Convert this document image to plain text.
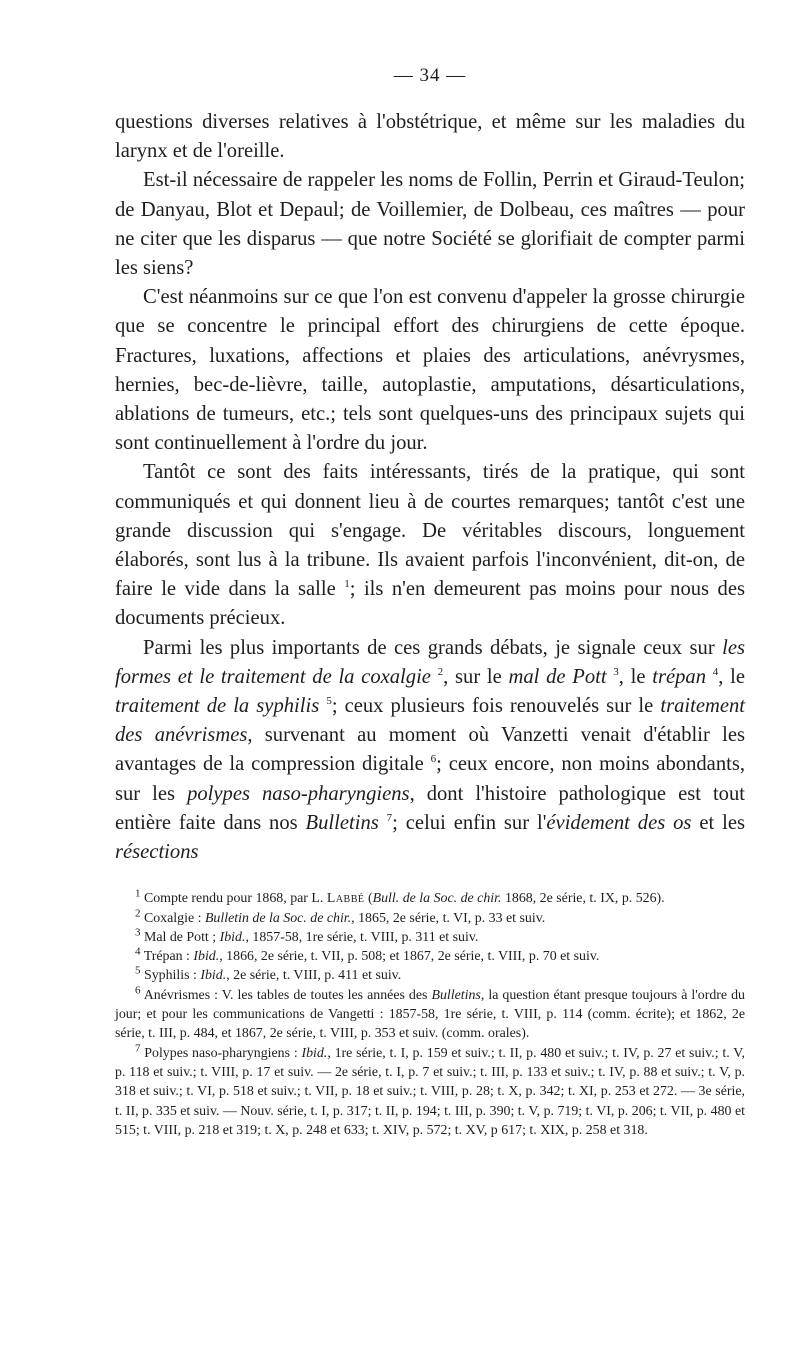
— 34 —

questions diverses relatives à l'obstétrique, et même sur les maladies du larynx et de l'oreille.

Est-il nécessaire de rappeler les noms de Follin, Perrin et Giraud-Teulon; de Danyau, Blot et Depaul; de Voillemier, de Dolbeau, ces maîtres — pour ne citer que les disparus — que notre Société se glorifiait de compter parmi les siens?

C'est néanmoins sur ce que l'on est convenu d'appeler la grosse chirurgie que se concentre le principal effort des chirurgiens de cette époque. Fractures, luxations, affections et plaies des articulations, anévrysmes, hernies, bec-de-lièvre, taille, autoplastie, amputations, désarticulations, ablations de tumeurs, etc.; tels sont quelques-uns des principaux sujets qui sont continuellement à l'ordre du jour.

Tantôt ce sont des faits intéressants, tirés de la pratique, qui sont communiqués et qui donnent lieu à de courtes remarques; tantôt c'est une grande discussion qui s'engage. De véritables discours, longuement élaborés, sont lus à la tribune. Ils avaient parfois l'inconvénient, dit-on, de faire le vide dans la salle $^1$; ils n'en demeurent pas moins pour nous des documents précieux.

Parmi les plus importants de ces grands débats, je signale ceux sur les formes et le traitement de la coxalgie $^2$, sur le mal de Pott $^3$, le trépan $^4$, le traitement de la syphilis $^5$; ceux plusieurs fois renouvelés sur le traitement des anévrismes, survenant au moment où Vanzetti venait d'établir les avantages de la compression digitale $^6$; ceux encore, non moins abondants, sur les polypes naso-pharyngiens, dont l'histoire pathologique est tout entière faite dans nos Bulletins $^7$; celui enfin sur l'évidement des os et les résections

$^1$ Compte rendu pour 1868, par L. Labbé (Bull. de la Soc. de chir. 1868, 2e série, t. IX, p. 526).

$^2$ Coxalgie : Bulletin de la Soc. de chir., 1865, 2e série, t. VI, p. 33 et suiv.

$^3$ Mal de Pott ; Ibid., 1857-58, 1re série, t. VIII, p. 311 et suiv.

$^4$ Trépan : Ibid., 1866, 2e série, t. VII, p. 508; et 1867, 2e série, t. VIII, p. 70 et suiv.

$^5$ Syphilis : Ibid., 2e série, t. VIII, p. 411 et suiv.

$^6$ Anévrismes : V. les tables de toutes les années des Bulletins, la question étant presque toujours à l'ordre du jour; et pour les communications de Vangetti : 1857-58, 1re série, t. VIII, p. 114 (comm. écrite); et 1862, 2e série, t. III, p. 484, et 1867, 2e série, t. VIII, p. 353 et suiv. (comm. orales).

$^7$ Polypes naso-pharyngiens : Ibid., 1re série, t. I, p. 159 et suiv.; t. II, p. 480 et suiv.; t. IV, p. 27 et suiv.; t. V, p. 118 et suiv.; t. VIII, p. 17 et suiv. — 2e série, t. I, p. 7 et suiv.; t. III, p. 133 et suiv.; t. IV, p. 88 et suiv.; t. V, p. 318 et suiv.; t. VI, p. 518 et suiv.; t. VII, p. 18 et suiv.; t. VIII, p. 28; t. X, p. 342; t. XI, p. 253 et 272. — 3e série, t. II, p. 335 et suiv. — Nouv. série, t. I, p. 317; t. II, p. 194; t. III, p. 390; t. V, p. 719; t. VI, p. 206; t. VII, p. 480 et 515; t. VIII, p. 218 et 319; t. X, p. 248 et 633; t. XIV, p. 572; t. XV, p 617; t. XIX, p. 258 et 318.
